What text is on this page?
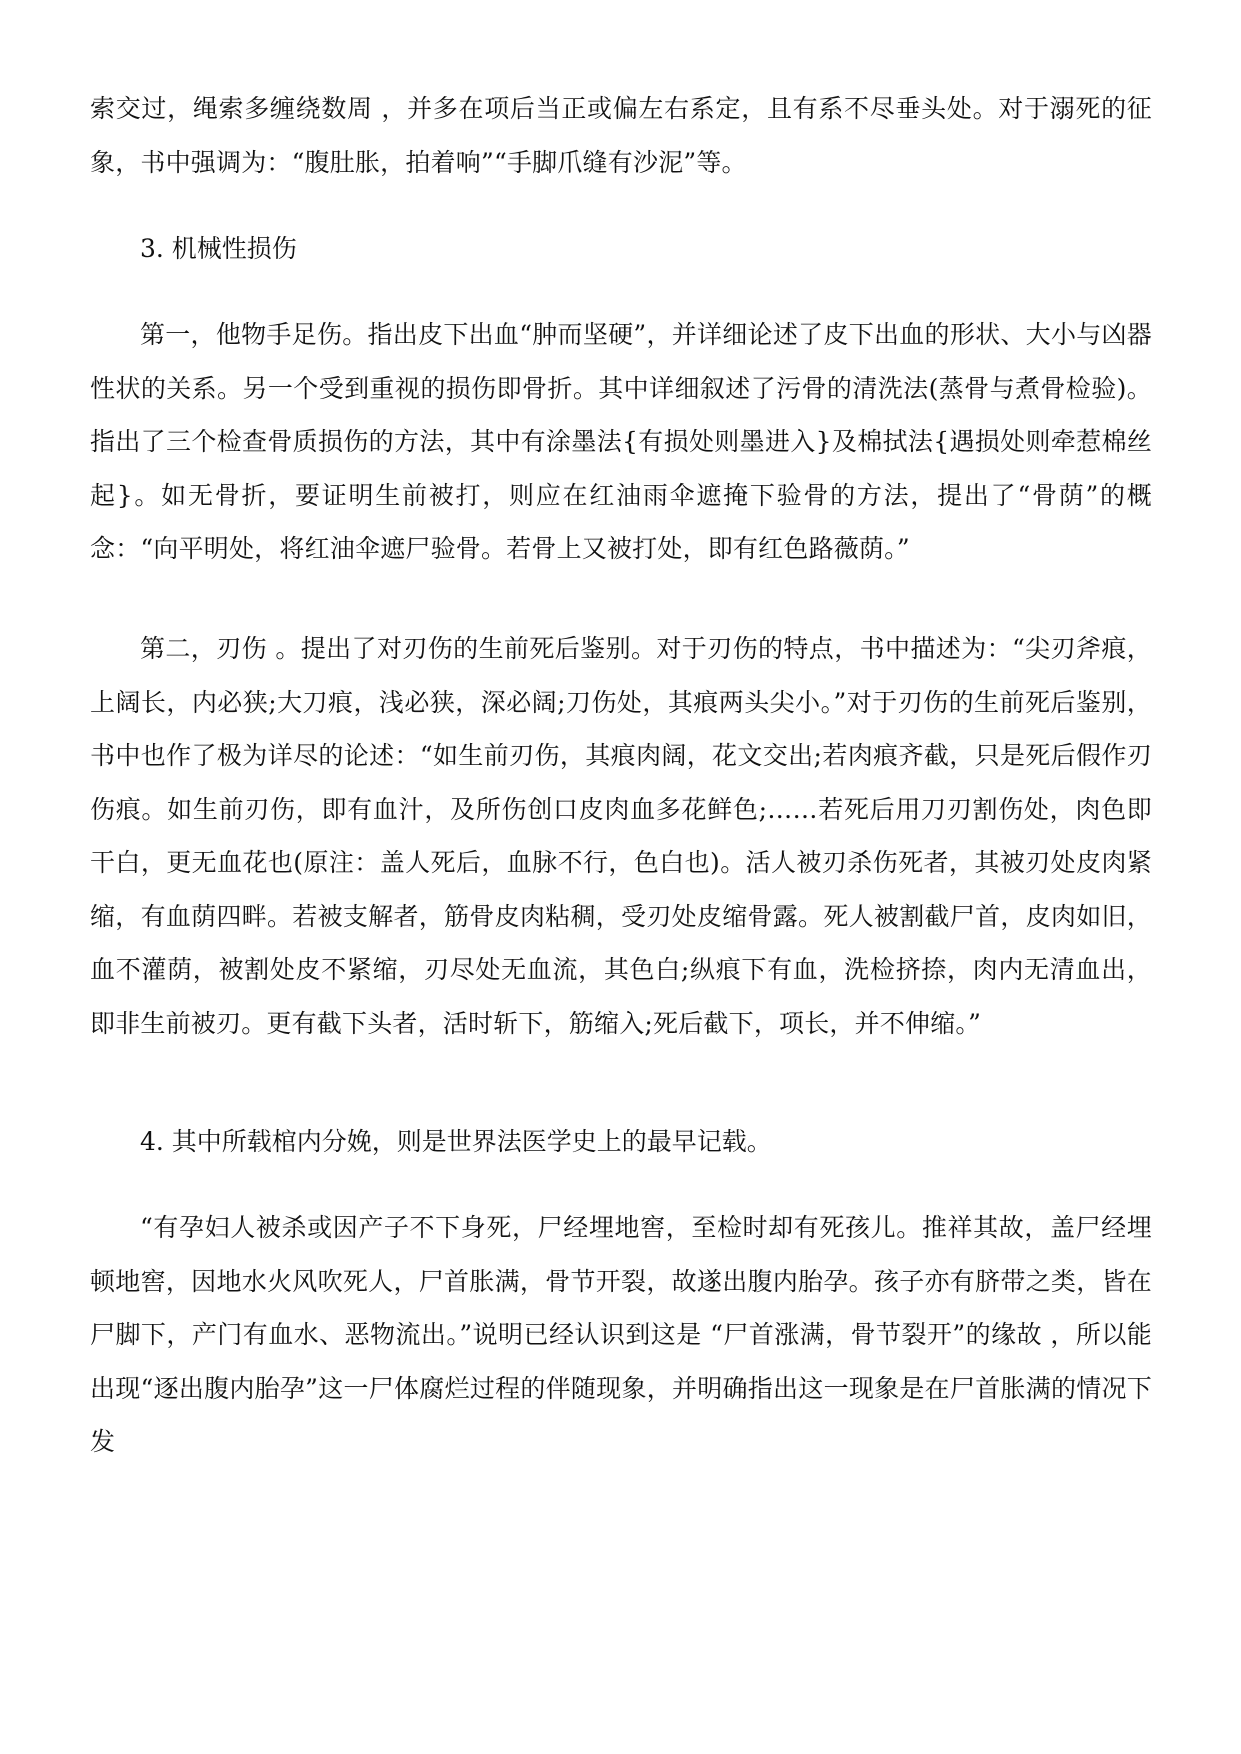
索交过，绳索多缠绕数周 ，并多在项后当正或偏左右系定，且有系不尽垂头处。对于溺死的征象，书中强调为：“腹肚胀，拍着响”“手脚爪缝有沙泥”等。

3. 机械性损伤

第一，他物手足伤。指出皮下出血“肿而坚硬”，并详细论述了皮下出血的形状、大小与凶器性状的关系。另一个受到重视的损伤即骨折。其中详细叙述了污骨的清洗法(蒸骨与煮骨检验)。指出了三个检查骨质损伤的方法，其中有涂墨法{有损处则墨进入}及棉拭法{遇损处则牵惹棉丝起}。如无骨折，要证明生前被打，则应在红油雨伞遮掩下验骨的方法，提出了“骨荫”的概念：“向平明处，将红油伞遮尸验骨。若骨上又被打处，即有红色路薇荫。”

第二，刃伤 。提出了对刃伤的生前死后鉴别。对于刃伤的特点，书中描述为：“尖刃斧痕，上阔长，内必狭;大刀痕，浅必狭，深必阔;刀伤处，其痕两头尖小。”对于刃伤的生前死后鉴别，书中也作了极为详尽的论述：“如生前刃伤，其痕肉阔，花文交出;若肉痕齐截，只是死后假作刃伤痕。如生前刃伤，即有血汁，及所伤创口皮肉血多花鲜色;……若死后用刀刃割伤处，肉色即干白，更无血花也(原注：盖人死后，血脉不行，色白也)。活人被刃杀伤死者，其被刃处皮肉紧缩，有血荫四畔。若被支解者，筋骨皮肉粘稠，受刃处皮缩骨露。死人被割截尸首，皮肉如旧，血不灌荫，被割处皮不紧缩，刃尽处无血流，其色白;纵痕下有血，洗检挤捺，肉内无清血出，即非生前被刃。更有截下头者，活时斩下，筋缩入;死后截下，项长，并不伸缩。”

4. 其中所载棺内分娩，则是世界法医学史上的最早记载。

“有孕妇人被杀或因产子不下身死，尸经埋地窖，至检时却有死孩儿。推祥其故，盖尸经埋顿地窖，因地水火风吹死人，尸首胀满，骨节开裂，故遂出腹内胎孕。孩子亦有脐带之类，皆在尸脚下，产门有血水、恶物流出。”说明已经认识到这是 “尸首涨满，骨节裂开”的缘故 ，所以能出现“逐出腹内胎孕”这一尸体腐烂过程的伴随现象，并明确指出这一现象是在尸首胀满的情况下发
